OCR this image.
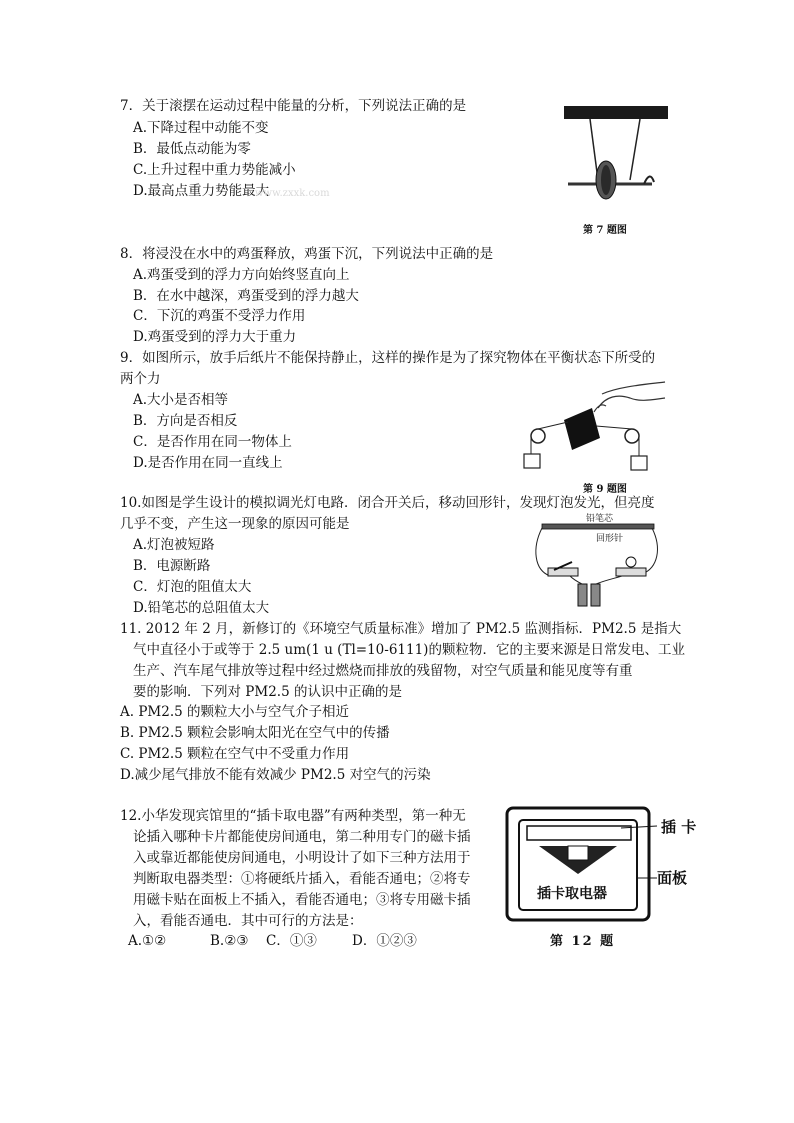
7．关于滚摆在运动过程中能量的分析，下列说法正确的是
A.下降过程中动能不变
B．最低点动能为零
C.上升过程中重力势能减小
D.最高点重力势能最大
www.zxxk.com
第 7 题图
8．将浸没在水中的鸡蛋释放，鸡蛋下沉，下列说法中正确的是
A.鸡蛋受到的浮力方向始终竖直向上
B．在水中越深，鸡蛋受到的浮力越大
C．下沉的鸡蛋不受浮力作用
D.鸡蛋受到的浮力大于重力
9．如图所示，放手后纸片不能保持静止，这样的操作是为了探究物体在平衡状态下所受的
两个力
A.大小是否相等
B．方向是否相反
C．是否作用在同一物体上
D.是否作用在同一直线上
第 9 题图
10.如图是学生设计的模拟调光灯电路．闭合开关后，移动回形针，发现灯泡发光，但亮度
几乎不变，产生这一现象的原因可能是
A.灯泡被短路
B．电源断路
C．灯泡的阻值太大
D.铅笔芯的总阻值太大
铅笔芯
回形针
11. 2012 年 2 月，新修订的《环境空气质量标准》增加了 PM2.5 监测指标．PM2.5 是指大
气中直径小于或等于 2.5 um(1 u (Tl=10-6111)的颗粒物．它的主要来源是日常发电、工业
生产、汽车尾气排放等过程中经过燃烧而排放的残留物，对空气质量和能见度等有重
要的影响．下列对 PM2.5 的认识中正确的是
A. PM2.5 的颗粒大小与空气介子相近
B. PM2.5 颗粒会影响太阳光在空气中的传播
C. PM2.5 颗粒在空气中不受重力作用
D.减少尾气排放不能有效减少 PM2.5 对空气的污染
12.小华发现宾馆里的“插卡取电器”有两种类型，第一种无
论插入哪种卡片都能使房间通电，第二种用专门的磁卡插
入或靠近都能使房间通电，小明设计了如下三种方法用于
判断取电器类型：①将硬纸片插入，看能否通电；②将专
用磁卡贴在面板上不插入，看能否通电；③将专用磁卡插
入，看能否通电．其中可行的方法是：
A.①②	B.②③ C．①③	D．①②③
插卡取电器
插 卡
面板
第 12 题
